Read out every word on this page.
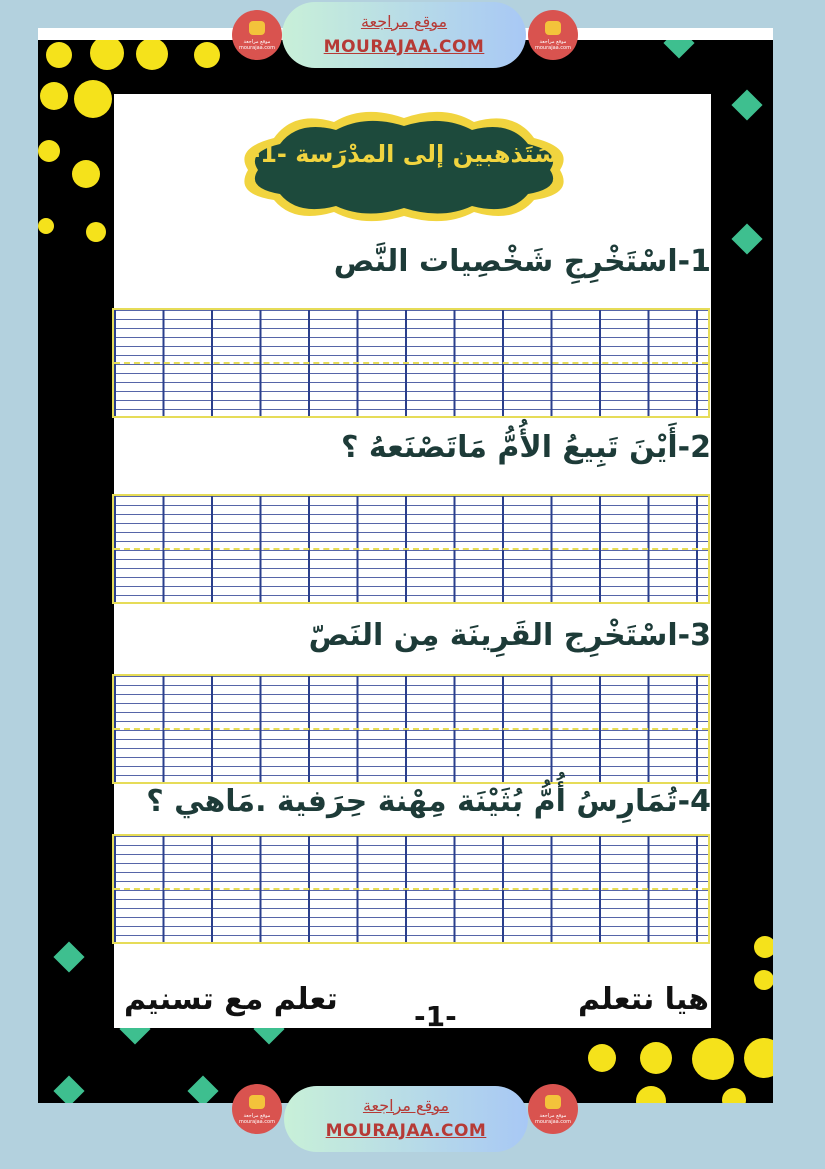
سَتَذهبين إلى المدْرَسة -1-
1-اسْتَخْرِجِ شَخْصِيات النَّص
2-أَيْنَ تَبِيعُ الأُمُّ مَاتَصْنَعهُ ؟
3-اسْتَخْرِج القَرِينَة مِن النَصّ
4-تُمَارِسُ أُمُّ بُثَيْنَة مِهْنة حِرَفية .مَاهي ؟
هيا نتعلم
-1-
تعلم مع تسنيم
موقع مراجعة mourajaa.com
موقع مراجعة
MOURAJAA.COM	موقع مراجعة mourajaa.com
موقع مراجعة mourajaa.com
موقع مراجعة
MOURAJAA.COM
موقع مراجعة mourajaa.com
